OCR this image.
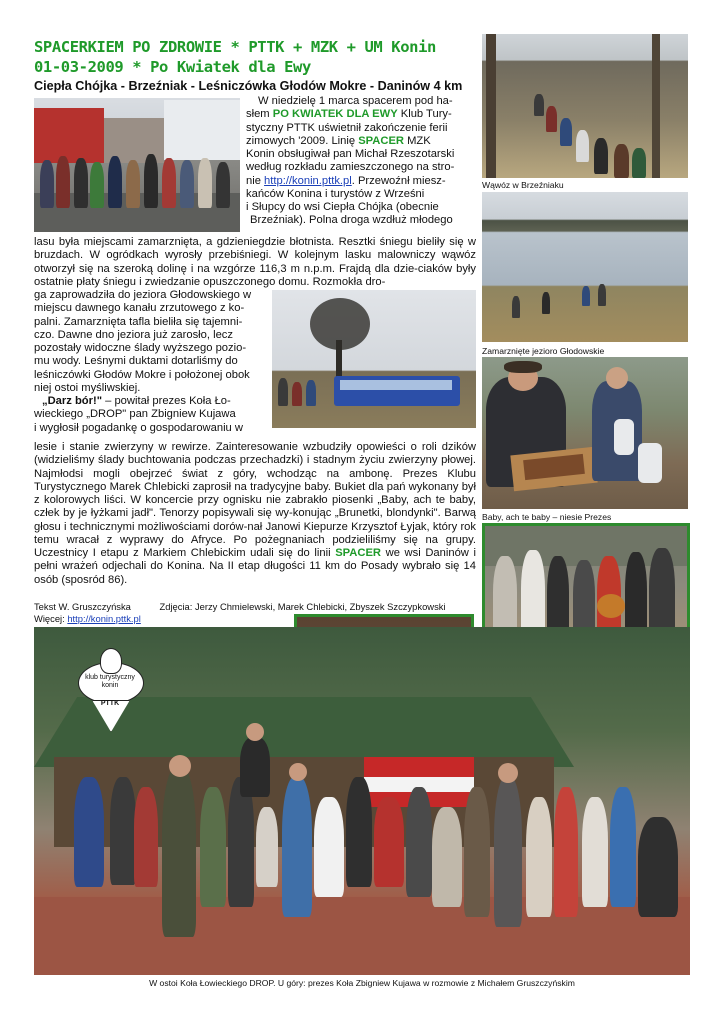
SPACERKIEM PO ZDROWIE * PTTK + MZK + UM Konin
01-03-2009 * Po Kwiatek dla Ewy
Ciepła Chójka - Brzeźniak - Leśniczówka Głodów Mokre - Daninów 4 km
W niedzielę 1 marca spacerem pod ha-
słem PO KWIATEK DLA EWY Klub Tury-
styczny PTTK uświetnił zakończenie ferii
zimowych '2009. Linię SPACER MZK
Konin obsługiwał pan Michał Rzeszotarski
według rozkładu zamieszczonego na stro-
nie http://konin.pttk.pl. Przewoźnł miesz-
kańców Konina i turystów z Wrześni
i Słupcy do wsi Ciepła Chójka (obecnie
Brzeźniak). Polna droga wzdłuż młodego
lasu była miejscami zamarznięta, a gdzieniegdzie błotnista. Resztki śniegu bieliły się w bruzdach. W ogródkach wyrosły przebiśniegi. W kolejnym lasku malowniczy wąwóz otworzył się na szeroką dolinę i na wzgórze 116,3 m n.p.m. Frajdą dla dzie-ciaków były ostatnie płaty śniegu i zwiedzanie opuszczonego domu. Rozmokła dro-
ga zaprowadziła do jeziora Głodowskiego w
miejscu dawnego kanału zrzutowego z ko-
palni. Zamarznięta tafla bieliła się tajemni-
czo. Dawne dno jeziora już zarosło, lecz
pozostały widoczne ślady wyższego pozio-
mu wody. Leśnymi duktami dotarliśmy do
leśniczówki Głodów Mokre i położonej obok
niej ostoi myśliwskiej.
„Darz bór!" – powitał prezes Koła Ło-
wieckiego „DROP" pan Zbigniew Kujawa
i wygłosił pogadankę o gospodarowaniu w
lesie i stanie zwierzyny w rewirze. Zainteresowanie wzbudziły opowieści o roli dzików (widzieliśmy ślady buchtowania podczas przechadzki) i stadnym życiu zwierzyny płowej. Najmłodsi mogli obejrzeć świat z góry, wchodząc na ambonę. Prezes Klubu Turystycznego Marek Chlebicki zaprosił na tradycyjne baby. Bukiet dla pań wykonany był z kolorowych liści. W koncercie przy ognisku nie zabrakło piosenki „Baby, ach te baby, człek by je łyżkami jadł". Tenorzy popisywali się wy-konując „Brunetki, blondynki". Barwą głosu i technicznymi możliwościami dorów-nał Janowi Kiepurze Krzysztof Łyjak, który rok temu wracał z wyprawy do Afryce. Po pożegnaniach podzieliliśmy się na grupy. Uczestnicy I etapu z Markiem Chlebickim udali się do linii SPACER we wsi Daninów i pełni wrażeń odjechali do Konina. Na II etap długości 11 km do Posady wybrało się 14 osób (sposród 86).
Tekst W. Gruszczyńska	Zdjęcia: Jerzy Chmielewski, Marek Chlebicki, Zbyszek Szczypkowski
Więcej: http://konin.pttk.pl
Wąwóz w Brzeźniaku
Zamarznięte jezioro Głodowskie
Baby, ach te baby – niesie Prezes
klub turystyczny konin
PTTK
W ostoi Koła Łowieckiego DROP. U góry: prezes Koła Zbigniew Kujawa w rozmowie z Michałem Gruszczyńskim
